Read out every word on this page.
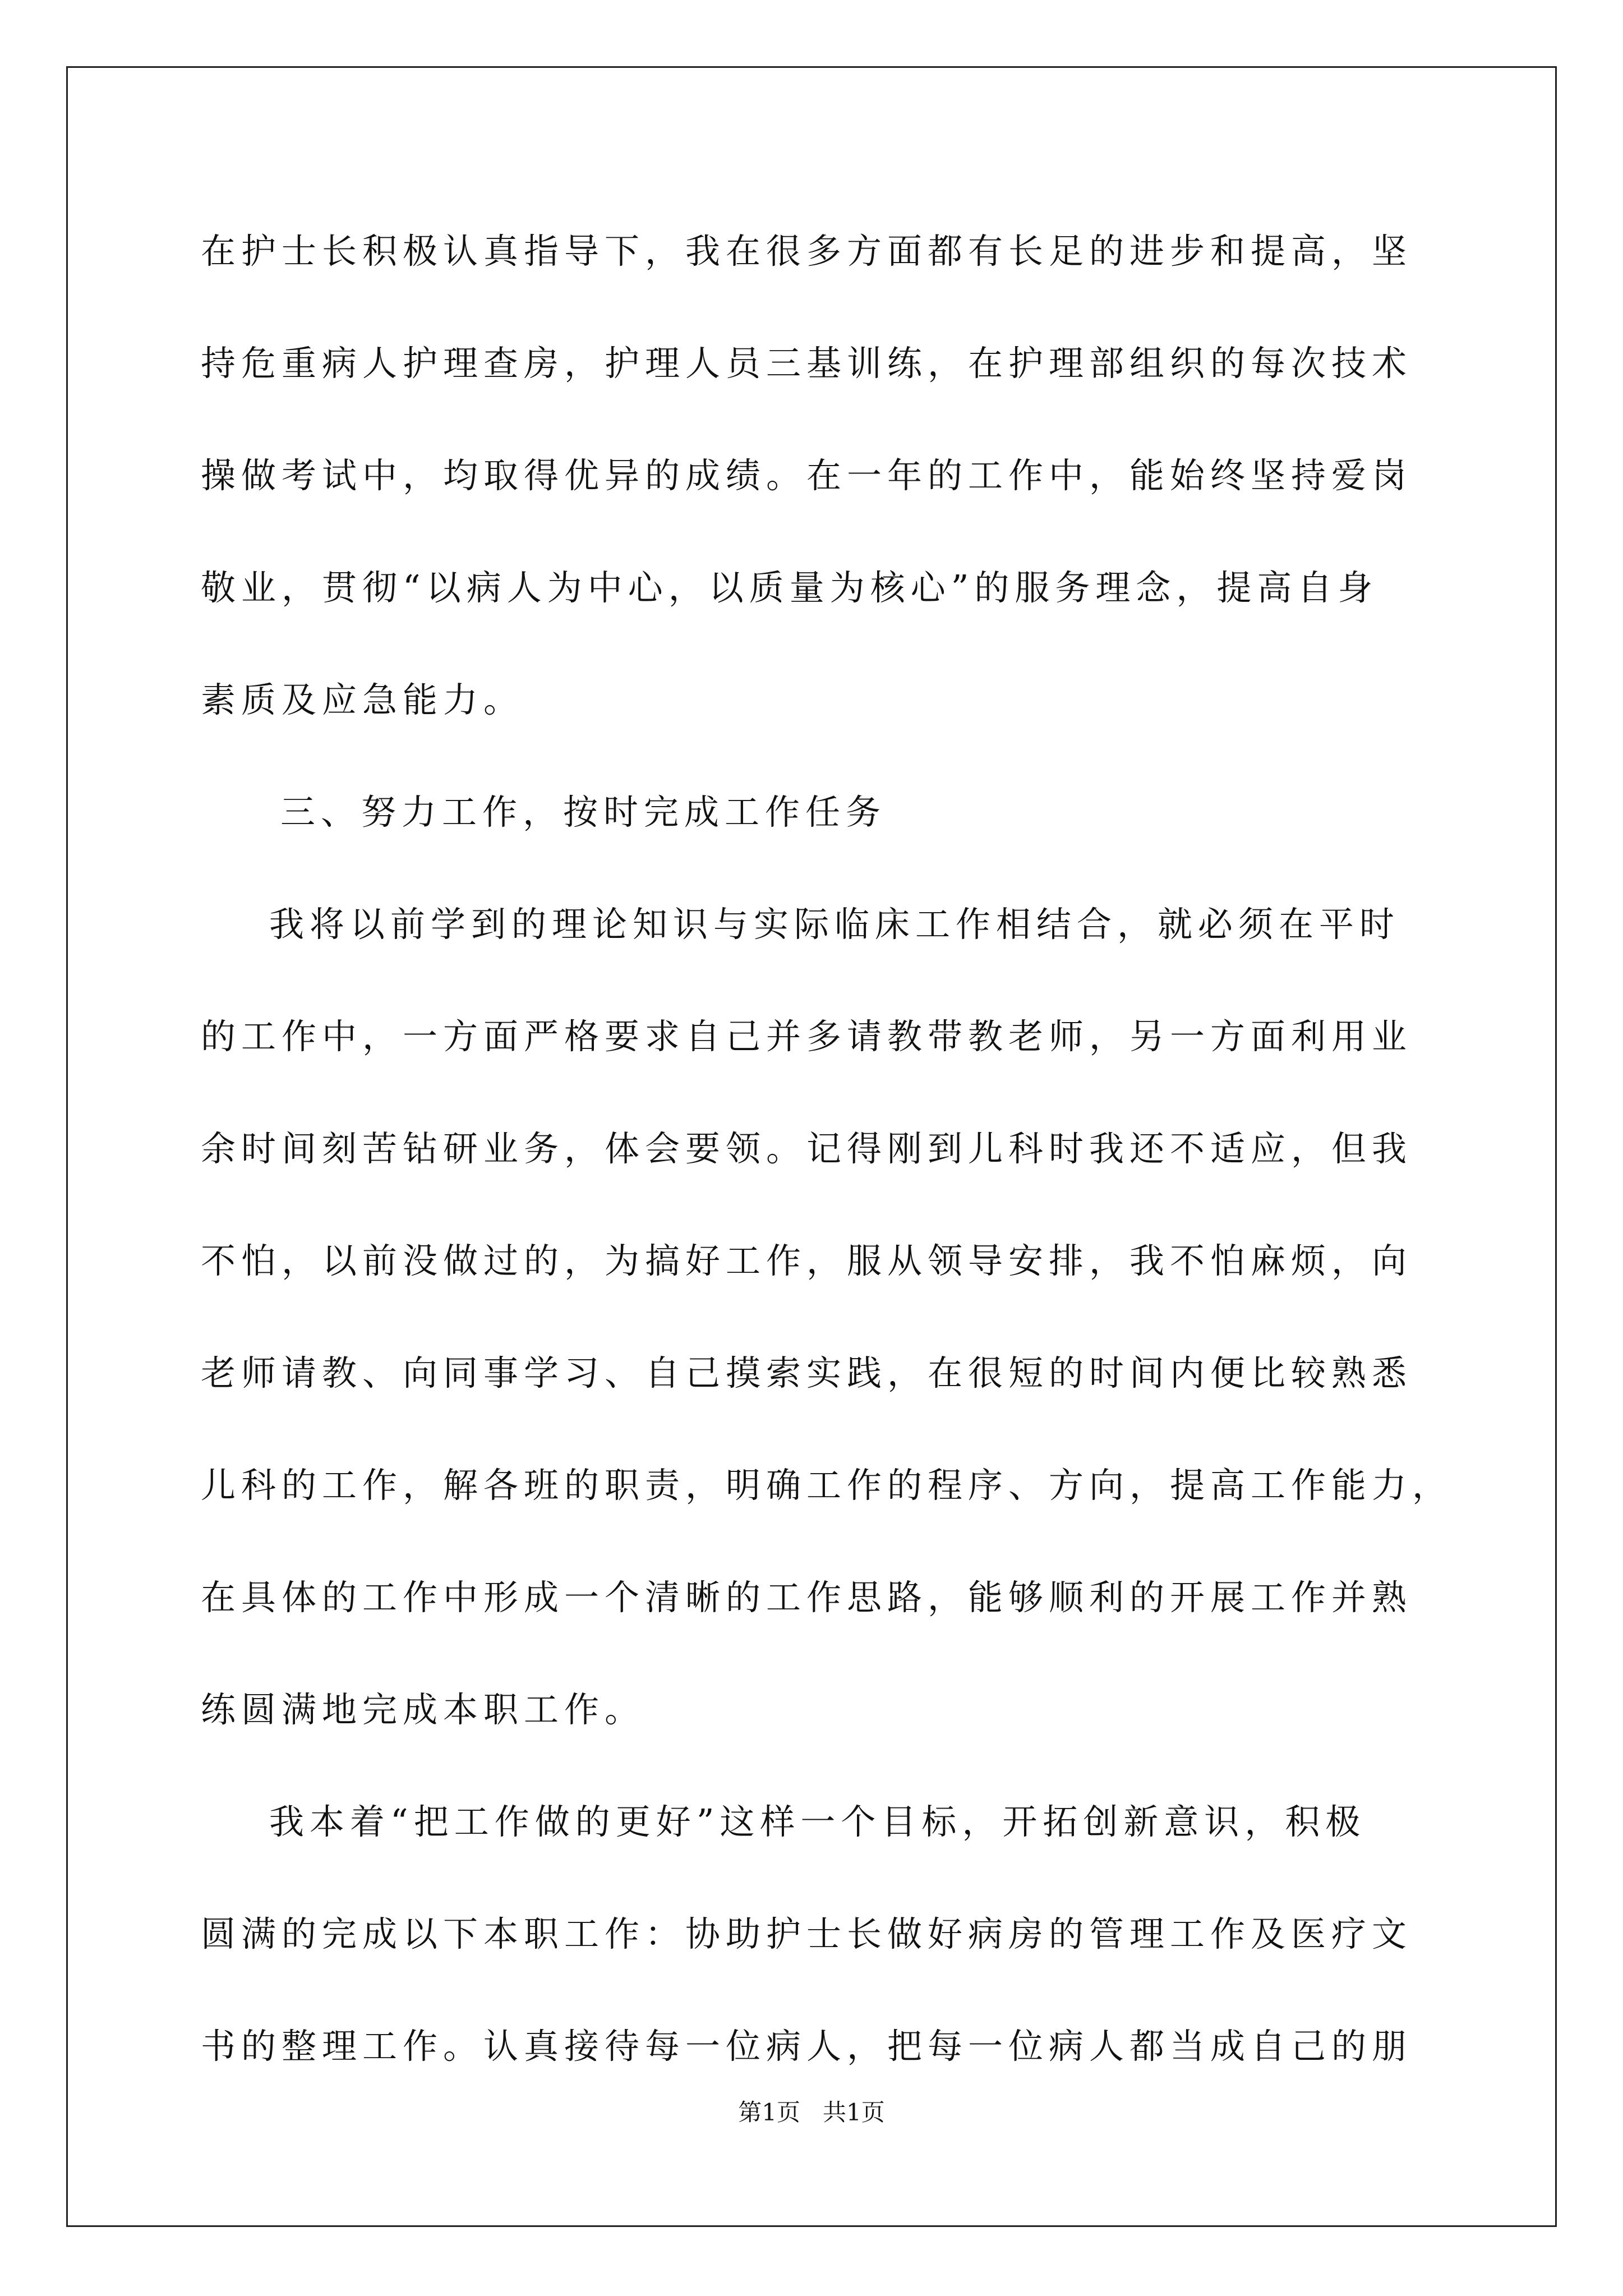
在护士长积极认真指导下，我在很多方面都有长足的进步和提高，坚
持危重病人护理查房，护理人员三基训练，在护理部组织的每次技术
操做考试中，均取得优异的成绩。在一年的工作中，能始终坚持爱岗
敬业，贯彻“以病人为中心，以质量为核心”的服务理念，提高自身
素质及应急能力。
三、努力工作，按时完成工作任务
我将以前学到的理论知识与实际临床工作相结合，就必须在平时
的工作中，一方面严格要求自己并多请教带教老师，另一方面利用业
余时间刻苦钻研业务，体会要领。记得刚到儿科时我还不适应，但我
不怕，以前没做过的，为搞好工作，服从领导安排，我不怕麻烦，向
老师请教、向同事学习、自己摸索实践，在很短的时间内便比较熟悉
儿科的工作，解各班的职责，明确工作的程序、方向，提高工作能力，
在具体的工作中形成一个清晰的工作思路，能够顺利的开展工作并熟
练圆满地完成本职工作。
我本着“把工作做的更好”这样一个目标，开拓创新意识，积极
圆满的完成以下本职工作：协助护士长做好病房的管理工作及医疗文
书的整理工作。认真接待每一位病人，把每一位病人都当成自己的朋
第1页   共1页
